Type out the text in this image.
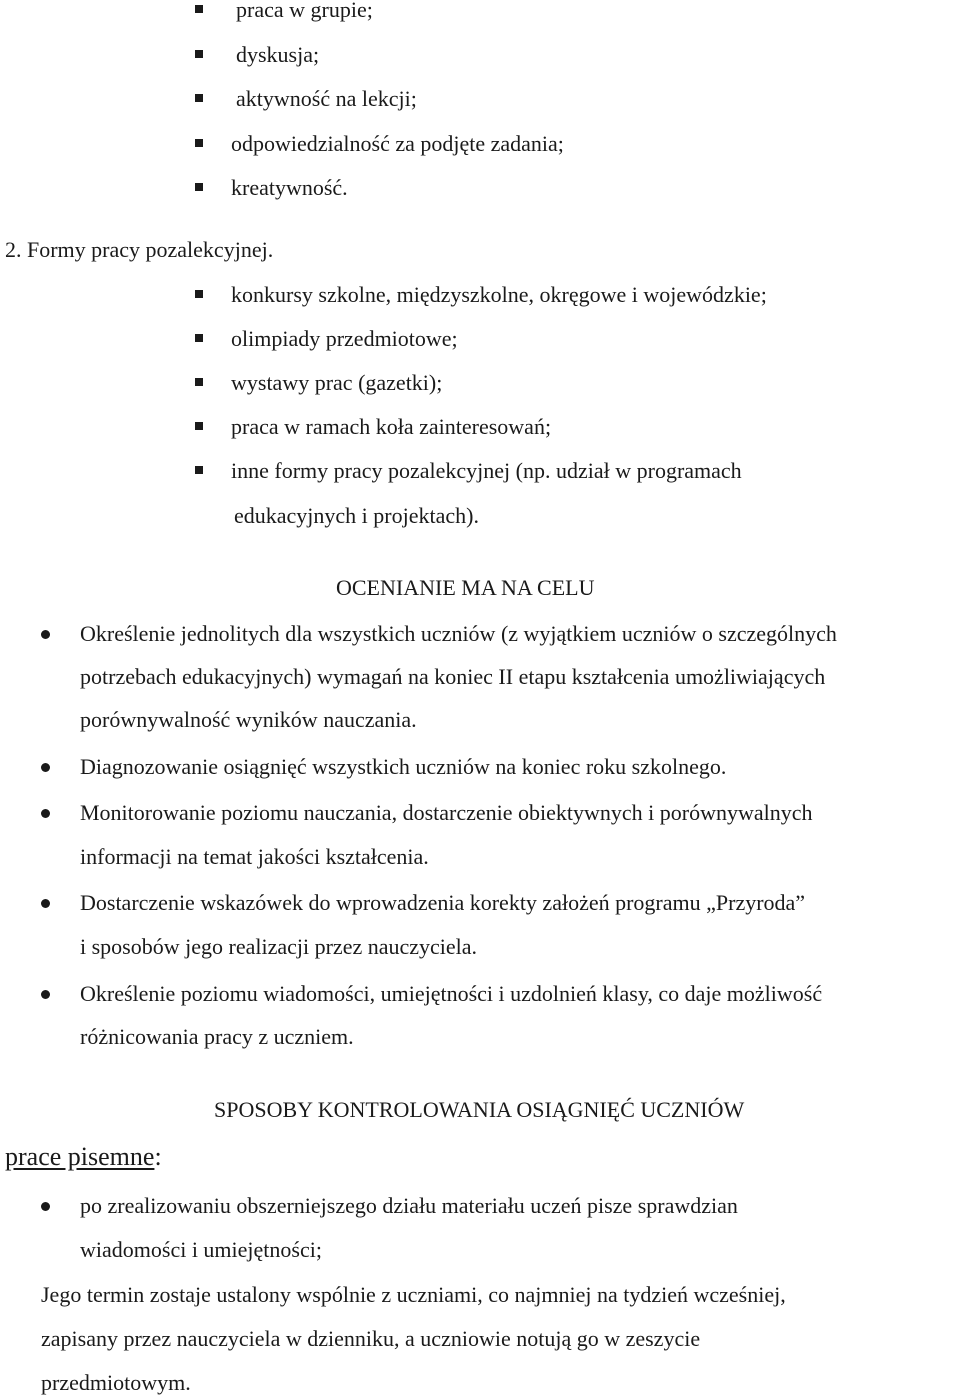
praca w grupie;
dyskusja;
aktywność na lekcji;
odpowiedzialność za podjęte zadania;
kreatywność.
2. Formy pracy pozalekcyjnej.
konkursy szkolne, międzyszkolne, okręgowe i wojewódzkie;
olimpiady przedmiotowe;
wystawy prac (gazetki);
praca w ramach koła zainteresowań;
inne formy pracy pozalekcyjnej (np. udział w programach
edukacyjnych i projektach).
OCENIANIE MA NA CELU
Określenie jednolitych dla wszystkich uczniów (z wyjątkiem uczniów o szczególnych
potrzebach edukacyjnych) wymagań na koniec II etapu kształcenia umożliwiających
porównywalność wyników nauczania.
Diagnozowanie osiągnięć wszystkich uczniów na koniec roku szkolnego.
Monitorowanie poziomu nauczania, dostarczenie obiektywnych i porównywalnych
informacji na temat jakości kształcenia.
Dostarczenie wskazówek do wprowadzenia korekty założeń programu „Przyroda”
i sposobów jego realizacji przez nauczyciela.
Określenie poziomu wiadomości, umiejętności i uzdolnień klasy, co daje możliwość
różnicowania pracy z uczniem.
SPOSOBY KONTROLOWANIA OSIĄGNIĘĆ UCZNIÓW
prace pisemne:
po zrealizowaniu obszerniejszego działu materiału uczeń pisze sprawdzian
wiadomości i umiejętności;
Jego termin zostaje ustalony wspólnie z uczniami, co najmniej na tydzień wcześniej,
zapisany przez nauczyciela w dzienniku, a uczniowie notują go w zeszycie
przedmiotowym.
